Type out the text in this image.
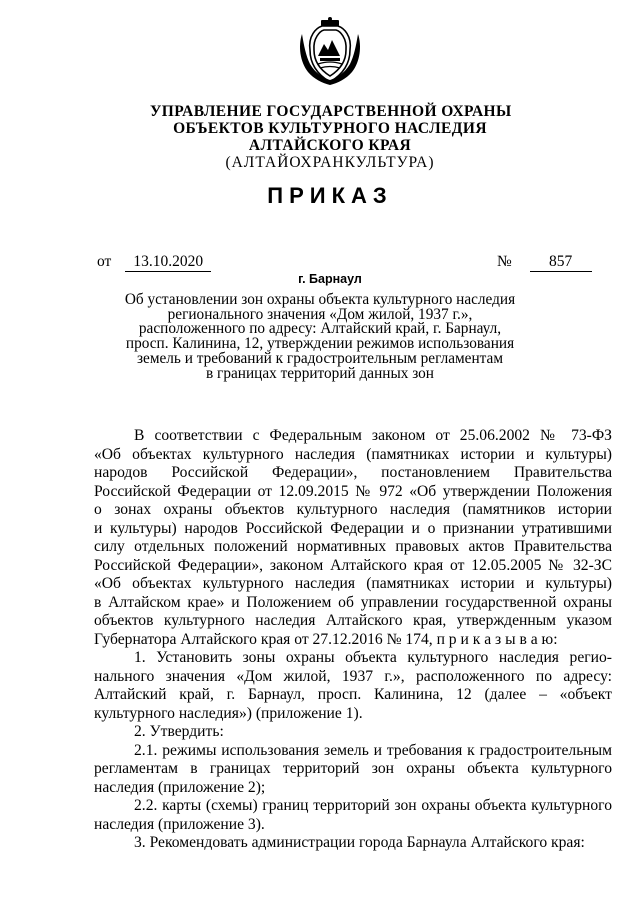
УПРАВЛЕНИЕ ГОСУДАРСТВЕННОЙ ОХРАНЫ
ОБЪЕКТОВ КУЛЬТУРНОГО НАСЛЕДИЯ
АЛТАЙСКОГО КРАЯ
(АЛТАЙОХРАНКУЛЬТУРА)
ПРИКАЗ
от 13.10.2020	№ 857
г. Барнаул
Об установлении зон охраны объекта культурного наследия
регионального значения «Дом жилой, 1937 г.»,
расположенного по адресу: Алтайский край, г. Барнаул,
просп. Калинина, 12, утверждении режимов использования
земель и требований к градостроительным регламентам
в границах территорий данных зон
В соответствии с Федеральным законом от 25.06.2002 № 73-ФЗ
«Об объектах культурного наследия (памятниках истории и культуры)
народов Российской Федерации», постановлением Правительства
Российской Федерации от 12.09.2015 № 972 «Об утверждении Положения
о зонах охраны объектов культурного наследия (памятников истории
и культуры) народов Российской Федерации и о признании утратившими
силу отдельных положений нормативных правовых актов Правительства
Российской Федерации», законом Алтайского края от 12.05.2005 № 32-ЗС
«Об объектах культурного наследия (памятниках истории и культуры)
в Алтайском крае» и Положением об управлении государственной охраны
объектов культурного наследия Алтайского края, утвержденным указом
Губернатора Алтайского края от 27.12.2016 № 174, п р и к а з ы в а ю:
1. Установить зоны охраны объекта культурного наследия регио-
нального значения «Дом жилой, 1937 г.», расположенного по адресу:
Алтайский край, г. Барнаул, просп. Калинина, 12 (далее – «объект
культурного наследия») (приложение 1).
2. Утвердить:
2.1. режимы использования земель и требования к градостроительным
регламентам в границах территорий зон охраны объекта культурного
наследия (приложение 2);
2.2. карты (схемы) границ территорий зон охраны объекта культурного
наследия (приложение 3).
3. Рекомендовать администрации города Барнаула Алтайского края:
